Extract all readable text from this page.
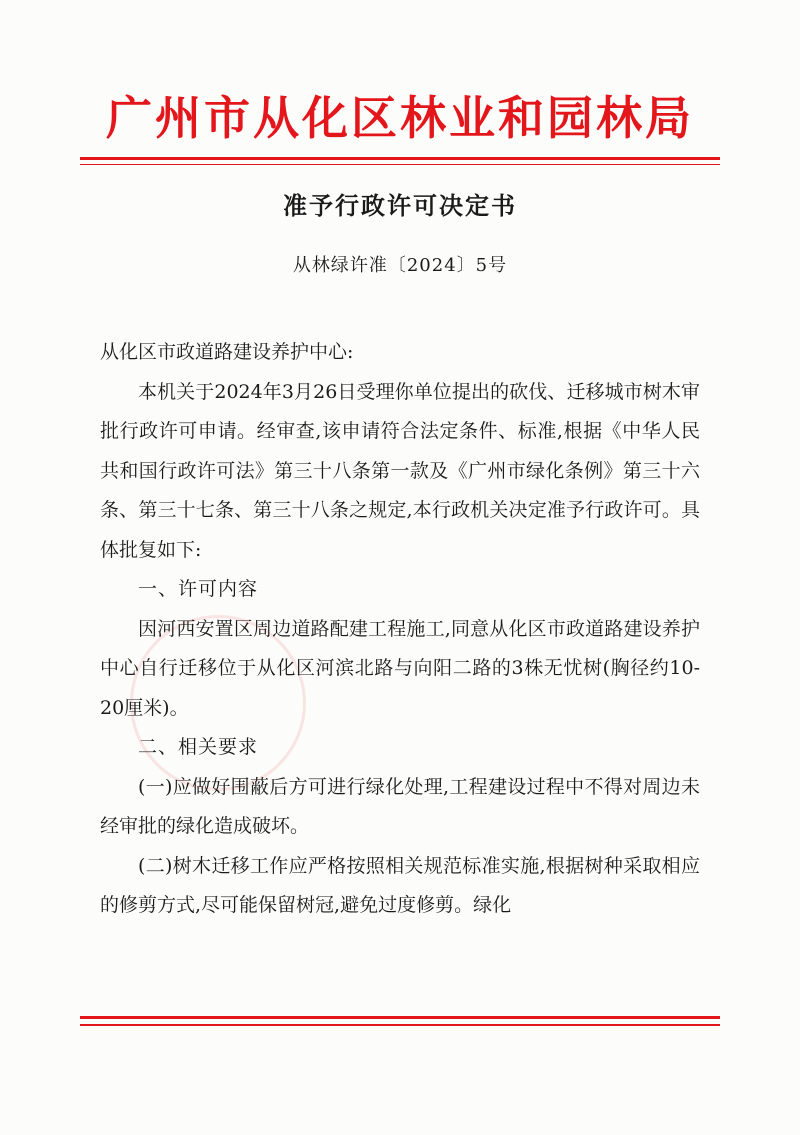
广州市从化区林业和园林局
准予行政许可决定书
从林绿许准〔2024〕5号

从化区市政道路建设养护中心:

本机关于2024年3月26日受理你单位提出的砍伐、迁移城市树木审批行政许可申请。经审查,该申请符合法定条件、标准,根据《中华人民共和国行政许可法》第三十八条第一款及《广州市绿化条例》第三十六条、第三十七条、第三十八条之规定,本行政机关决定准予行政许可。具体批复如下:

一、许可内容

因河西安置区周边道路配建工程施工,同意从化区市政道路建设养护中心自行迁移位于从化区河滨北路与向阳二路的3株无忧树(胸径约10-20厘米)。

二、相关要求

(一)应做好围蔽后方可进行绿化处理,工程建设过程中不得对周边未经审批的绿化造成破坏。

(二)树木迁移工作应严格按照相关规范标准实施,根据树种采取相应的修剪方式,尽可能保留树冠,避免过度修剪。绿化
